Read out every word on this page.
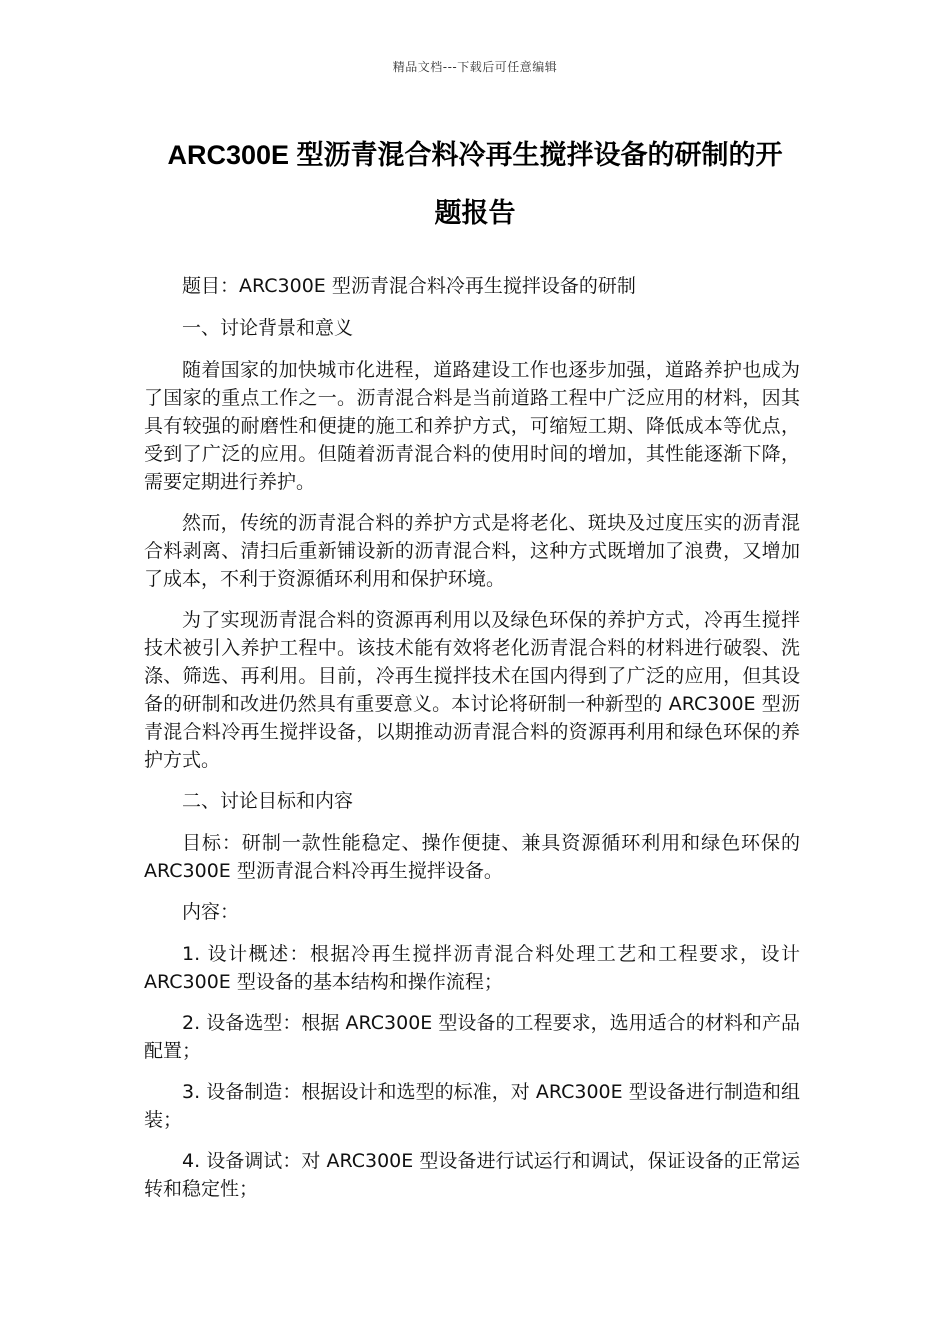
精品文档---下载后可任意编辑
ARC300E 型沥青混合料冷再生搅拌设备的研制的开
题报告

题目：ARC300E 型沥青混合料冷再生搅拌设备的研制

一、讨论背景和意义

随着国家的加快城市化进程，道路建设工作也逐步加强，道路养护也成为了国家的重点工作之一。沥青混合料是当前道路工程中广泛应用的材料，因其具有较强的耐磨性和便捷的施工和养护方式，可缩短工期、降低成本等优点，受到了广泛的应用。但随着沥青混合料的使用时间的增加，其性能逐渐下降，需要定期进行养护。

然而，传统的沥青混合料的养护方式是将老化、斑块及过度压实的沥青混合料剥离、清扫后重新铺设新的沥青混合料，这种方式既增加了浪费，又增加了成本，不利于资源循环利用和保护环境。

为了实现沥青混合料的资源再利用以及绿色环保的养护方式，冷再生搅拌技术被引入养护工程中。该技术能有效将老化沥青混合料的材料进行破裂、洗涤、筛选、再利用。目前，冷再生搅拌技术在国内得到了广泛的应用，但其设备的研制和改进仍然具有重要意义。本讨论将研制一种新型的 ARC300E 型沥青混合料冷再生搅拌设备，以期推动沥青混合料的资源再利用和绿色环保的养护方式。

二、讨论目标和内容

目标：研制一款性能稳定、操作便捷、兼具资源循环利用和绿色环保的 ARC300E 型沥青混合料冷再生搅拌设备。

内容：

1. 设计概述：根据冷再生搅拌沥青混合料处理工艺和工程要求，设计 ARC300E 型设备的基本结构和操作流程；

2. 设备选型：根据 ARC300E 型设备的工程要求，选用适合的材料和产品配置；

3. 设备制造：根据设计和选型的标准，对 ARC300E 型设备进行制造和组装；

4. 设备调试：对 ARC300E 型设备进行试运行和调试，保证设备的正常运转和稳定性；
